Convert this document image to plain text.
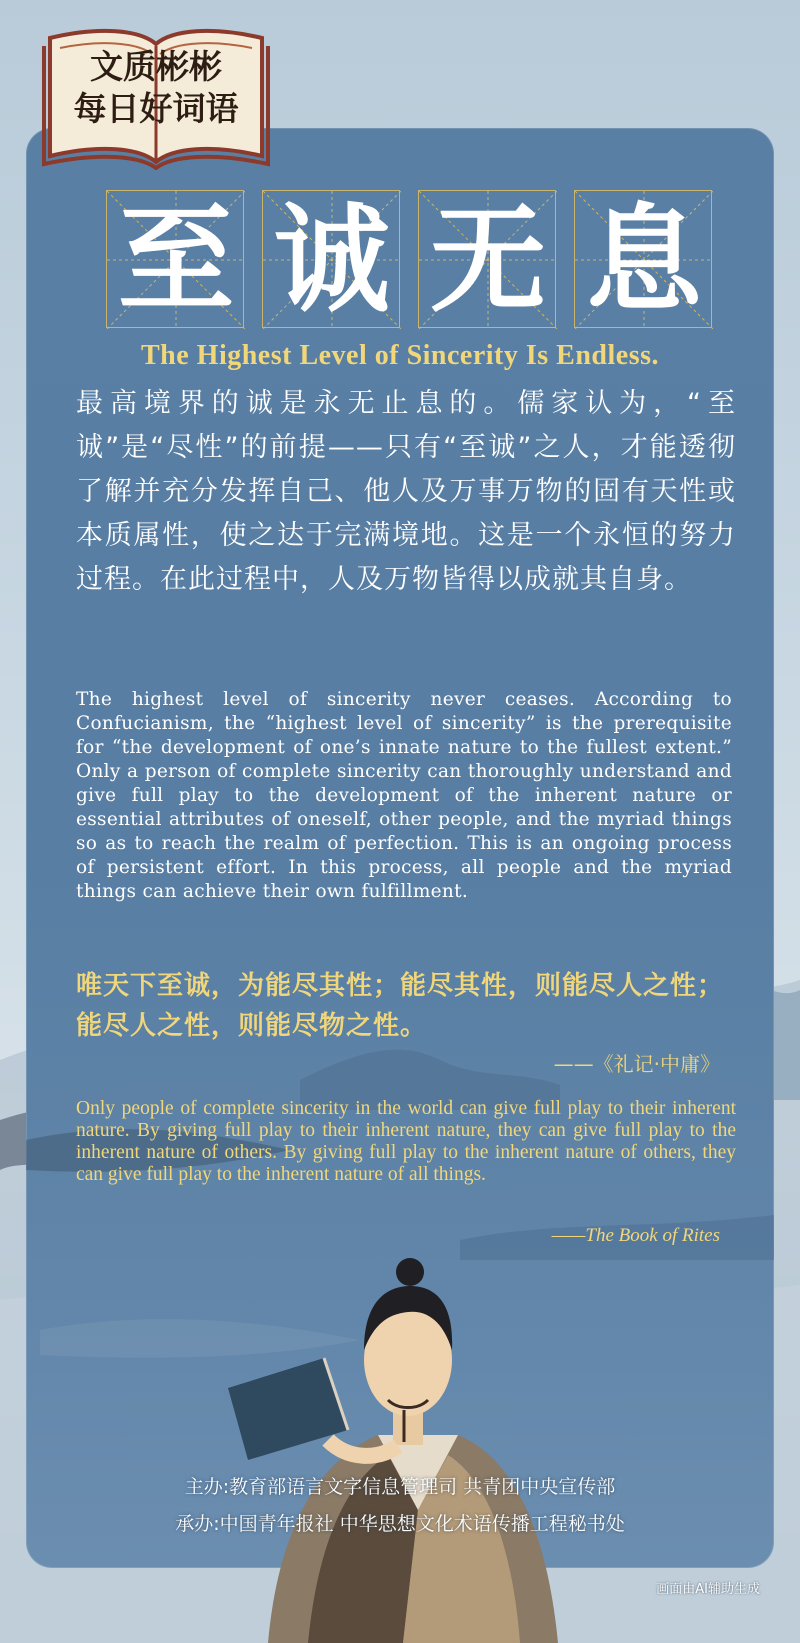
文质彬彬
每日好词语
至 诚 无 息
The Highest Level of Sincerity Is Endless.
最高境界的诚是永无止息的。儒家认为，“至诚”是“尽性”的前提——只有“至诚”之人，才能透彻了解并充分发挥自己、他人及万事万物的固有天性或本质属性，使之达于完满境地。这是一个永恒的努力过程。在此过程中，人及万物皆得以成就其自身。
The highest level of sincerity never ceases. According to Confucianism, the “highest level of sincerity” is the prerequisite for “the development of one’s innate nature to the fullest extent.” Only a person of complete sincerity can thoroughly understand and give full play to the development of the inherent nature or essential attributes of oneself, other people, and the myriad things so as to reach the realm of perfection. This is an ongoing process of persistent effort. In this process, all people and the myriad things can achieve their own fulfillment.
唯天下至诚，为能尽其性；能尽其性，则能尽人之性；能尽人之性，则能尽物之性。
——《礼记·中庸》
Only people of complete sincerity in the world can give full play to their inherent nature. By giving full play to their inherent nature, they can give full play to the inherent nature of others. By giving full play to the inherent nature of others, they can give full play to the inherent nature of all things.
——The Book of Rites
主办:教育部语言文字信息管理司 共青团中央宣传部
承办:中国青年报社 中华思想文化术语传播工程秘书处
画面由AI辅助生成
